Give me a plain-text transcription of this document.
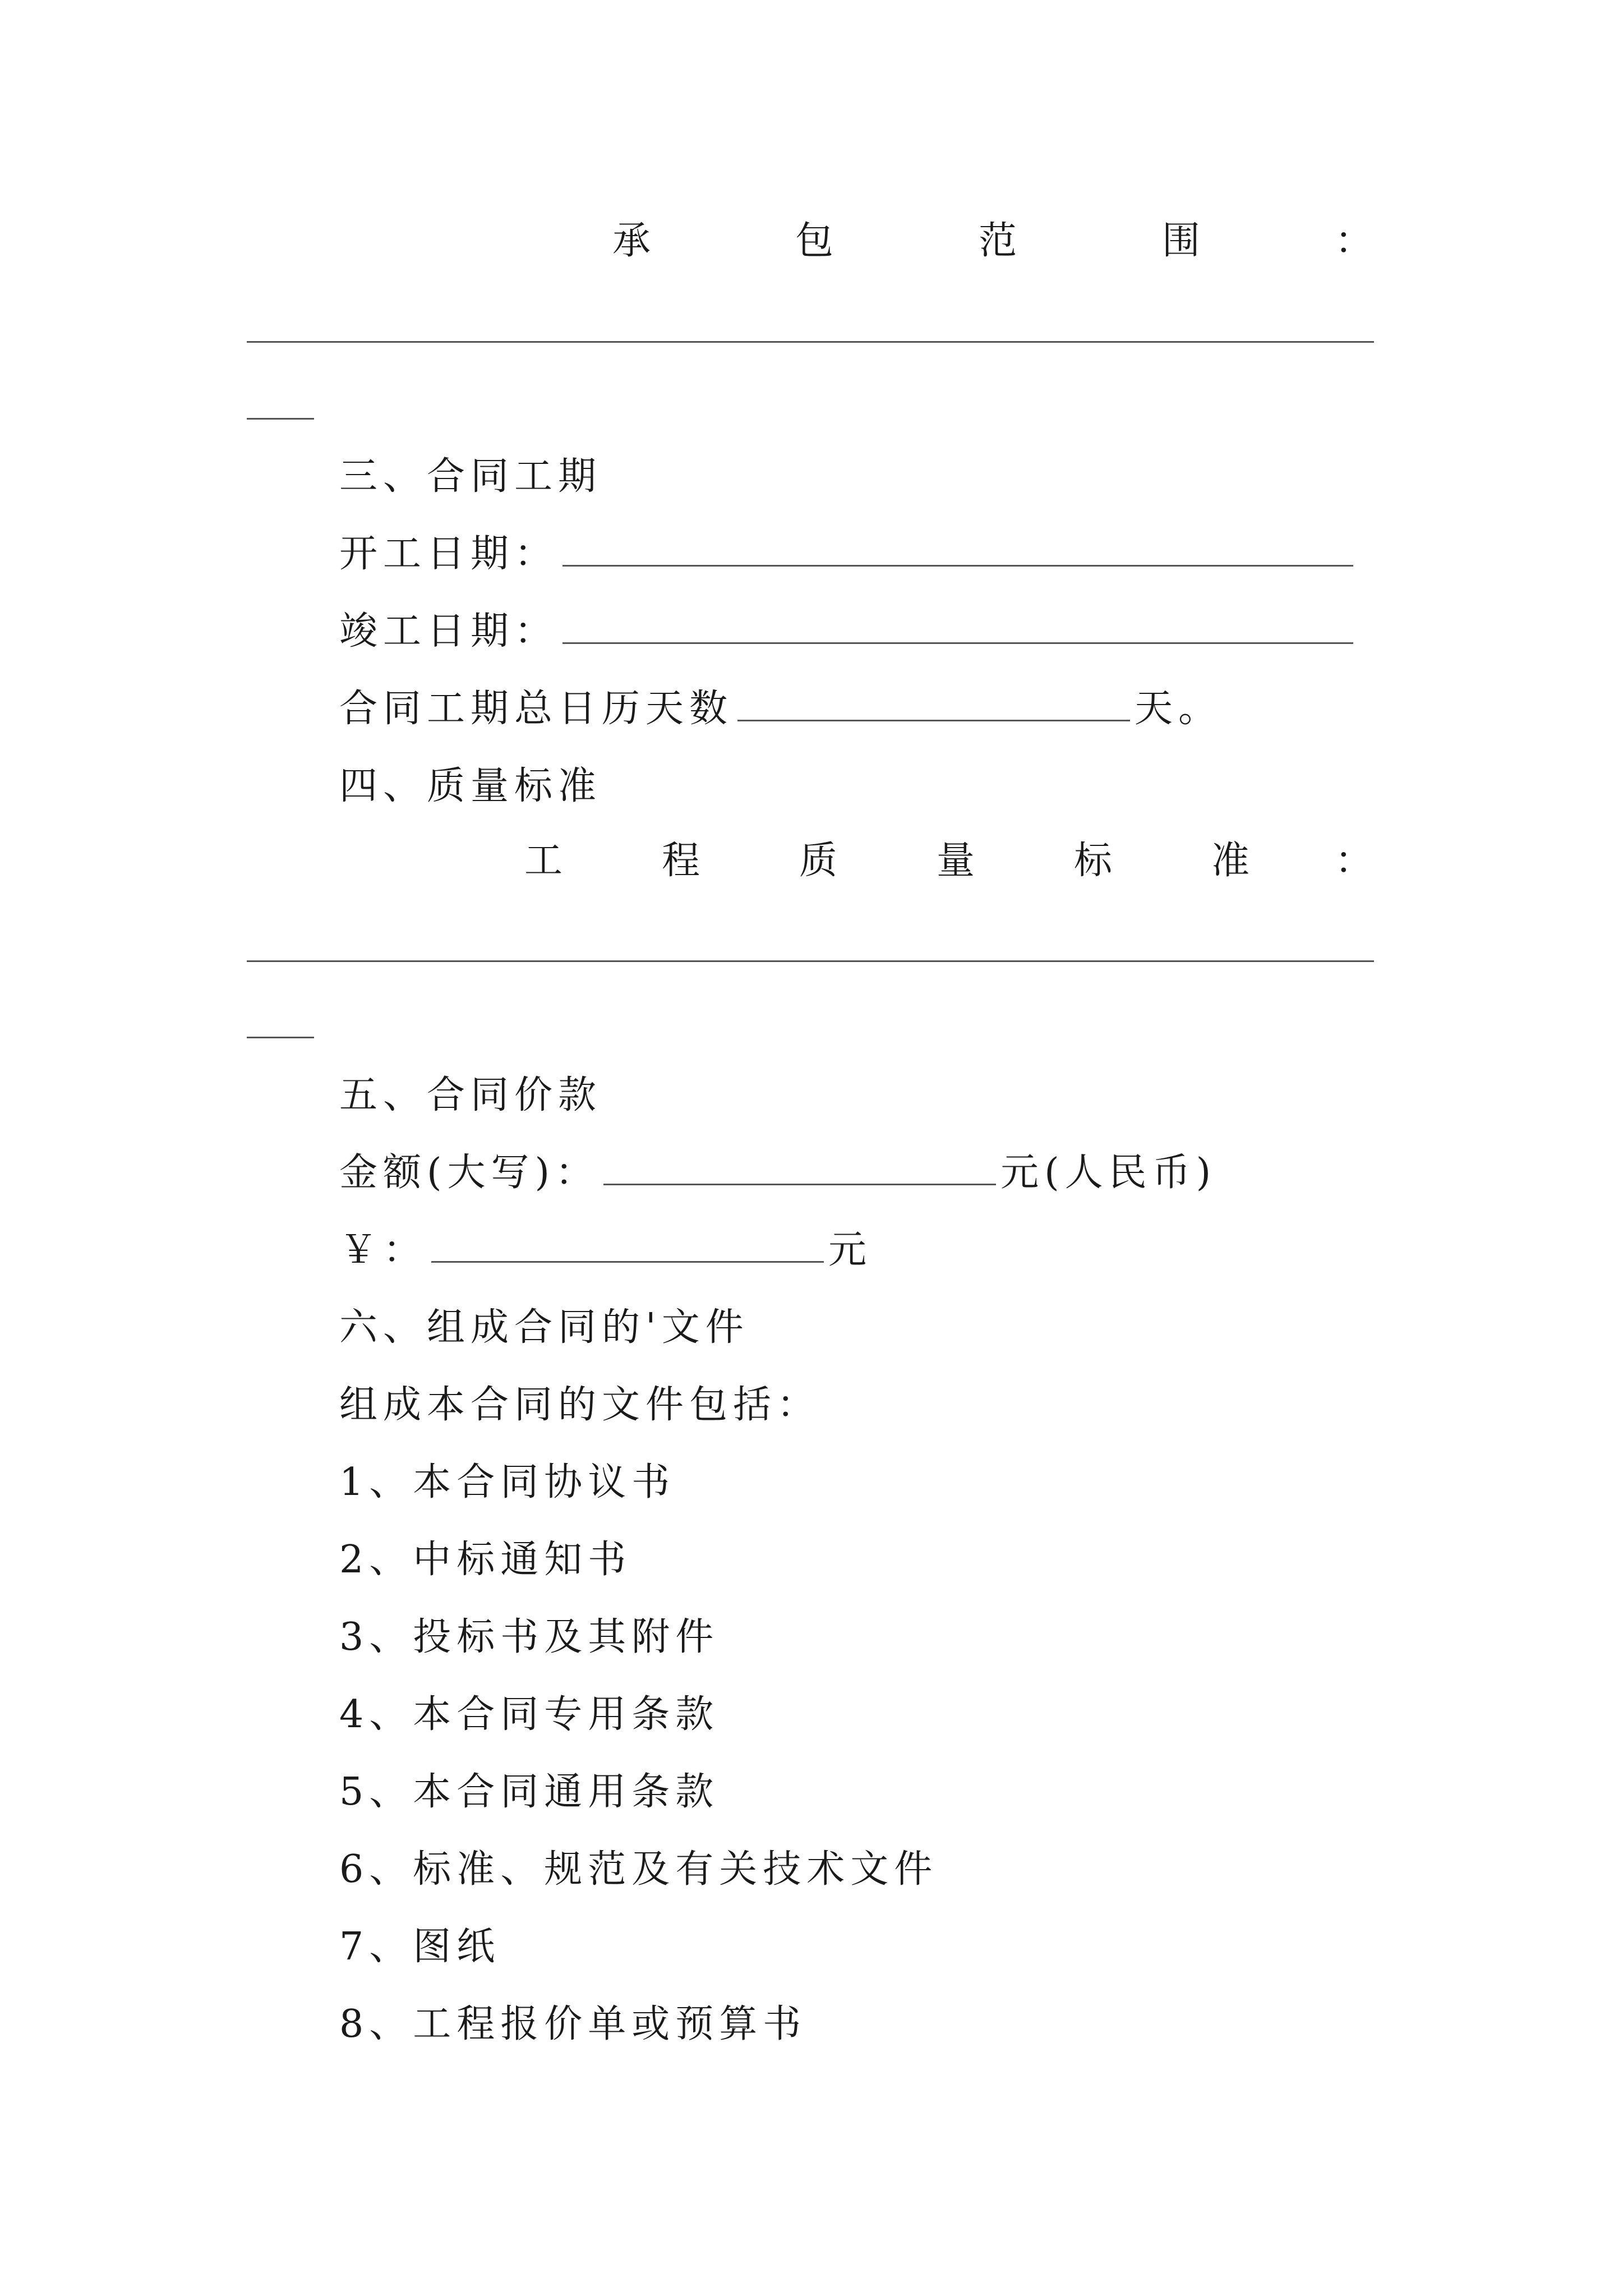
承	包	范	围	：
三、合同工期
开工日期：
竣工日期：
合同工期总日历天数	天。
四、质量标准
工	程	质	量	标	准 ：
五、合同价款
金额(大写)：	元(人民币)
￥：	元
六、组成合同的'文件
组成本合同的文件包括：
1、本合同协议书
2、中标通知书
3、投标书及其附件
4、本合同专用条款
5、本合同通用条款
6、标准、规范及有关技术文件
7、图纸
8、工程报价单或预算书
